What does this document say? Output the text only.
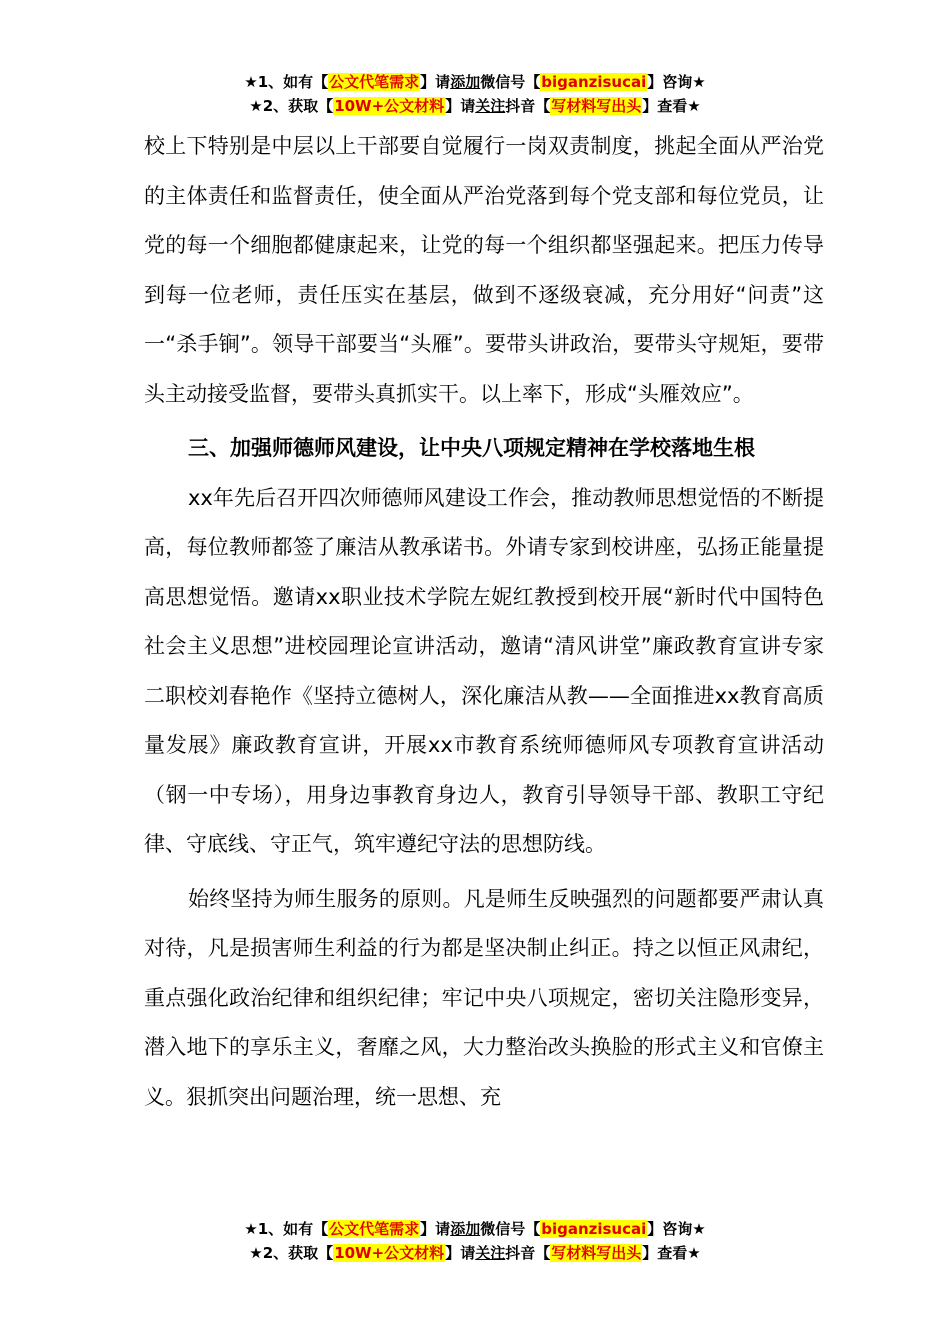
★1、如有【公文代笔需求】请添加微信号【biganzisucai】咨询★
★2、获取【10W+公文材料】请关注抖音【写材料写出头】查看★

校上下特别是中层以上干部要自觉履行一岗双责制度，挑起全面从严治党的主体责任和监督责任，使全面从严治党落到每个党支部和每位党员，让党的每一个细胞都健康起来，让党的每一个组织都坚强起来。把压力传导到每一位老师，责任压实在基层，做到不逐级衰减，充分用好“问责”这一“杀手锏”。领导干部要当“头雁”。要带头讲政治，要带头守规矩，要带头主动接受监督，要带头真抓实干。以上率下，形成“头雁效应”。

三、加强师德师风建设，让中央八项规定精神在学校落地生根

xx年先后召开四次师德师风建设工作会，推动教师思想觉悟的不断提高，每位教师都签了廉洁从教承诺书。外请专家到校讲座，弘扬正能量提高思想觉悟。邀请xx职业技术学院左妮红教授到校开展“新时代中国特色社会主义思想”进校园理论宣讲活动，邀请“清风讲堂”廉政教育宣讲专家二职校刘春艳作《坚持立德树人，深化廉洁从教——全面推进xx教育高质量发展》廉政教育宣讲，开展xx市教育系统师德师风专项教育宣讲活动（钢一中专场），用身边事教育身边人，教育引导领导干部、教职工守纪律、守底线、守正气，筑牢遵纪守法的思想防线。

始终坚持为师生服务的原则。凡是师生反映强烈的问题都要严肃认真对待，凡是损害师生利益的行为都是坚决制止纠正。持之以恒正风肃纪，重点强化政治纪律和组织纪律；牢记中央八项规定，密切关注隐形变异，潜入地下的享乐主义，奢靡之风，大力整治改头换脸的形式主义和官僚主义。狠抓突出问题治理，统一思想、充

★1、如有【公文代笔需求】请添加微信号【biganzisucai】咨询★
★2、获取【10W+公文材料】请关注抖音【写材料写出头】查看★
